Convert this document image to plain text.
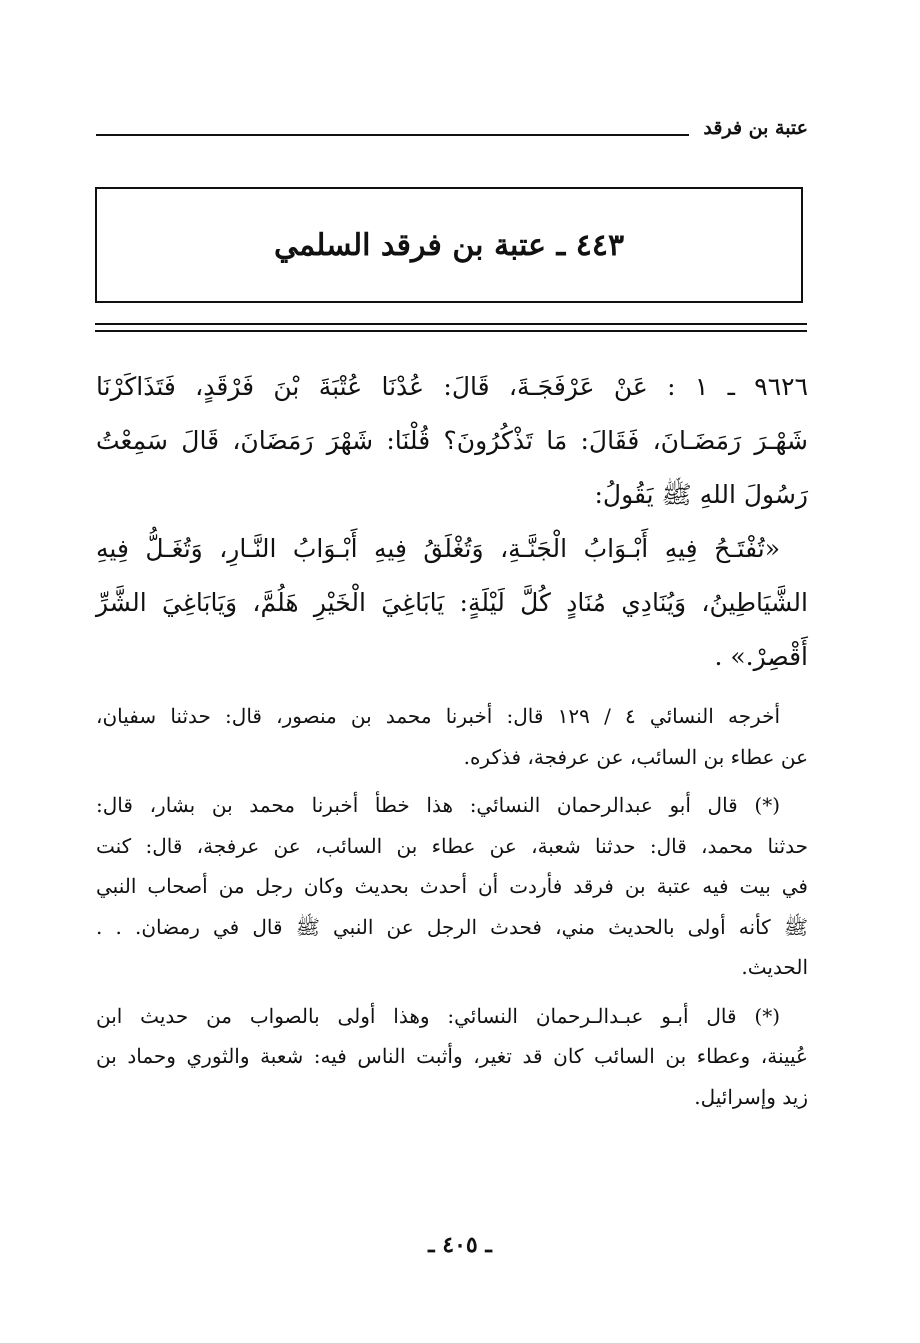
عتبة بن فرقد
٤٤٣ ـ عتبة بن فرقد السلمي
٩٦٢٦ ـ ١ : عَنْ عَرْفَجَـةَ، قَالَ: عُدْنَا عُتْبَةَ بْنَ فَرْقَدٍ، فَتَذَاكَرْنَا
شَهْـرَ رَمَضَـانَ، فَقَالَ: مَا تَذْكُرُونَ؟ قُلْنَا: شَهْرَ رَمَضَانَ، قَالَ سَمِعْتُ
رَسُولَ اللهِ ﷺ يَقُولُ:
«تُفْتَـحُ فِيهِ أَبْـوَابُ الْجَنَّـةِ، وَتُغْلَقُ فِيهِ أَبْـوَابُ النَّـارِ، وَتُغَـلُّ فِيهِ
الشَّيَاطِينُ، وَيُنَادِي مُنَادٍ كُلَّ لَيْلَةٍ: يَابَاغِيَ الْخَيْرِ هَلُمَّ، وَيَابَاغِيَ الشَّرِّ
أَقْصِرْ.» .
أخرجه النسائي ٤ / ١٢٩ قال: أخبرنا محمد بن منصور، قال: حدثنا سفيان،
عن عطاء بن السائب، عن عرفجة، فذكره.
(*) قال أبو عبدالرحمان النسائي: هذا خطأ أخبرنا محمد بن بشار، قال:
حدثنا محمد، قال: حدثنا شعبة، عن عطاء بن السائب، عن عرفجة، قال: كنت
في بيت فيه عتبة بن فرقد فأردت أن أحدث بحديث وكان رجل من أصحاب النبي
ﷺ كأنه أولى بالحديث مني، فحدث الرجل عن النبي ﷺ قال في رمضان. . .
الحديث.
(*) قال أبـو عبـدالـرحمان النسائي: وهذا أولى بالصواب من حديث ابن
عُيينة، وعطاء بن السائب كان قد تغير، وأثبت الناس فيه: شعبة والثوري وحماد بن
زيد وإسرائيل.
ـ ٤٠٥ ـ
